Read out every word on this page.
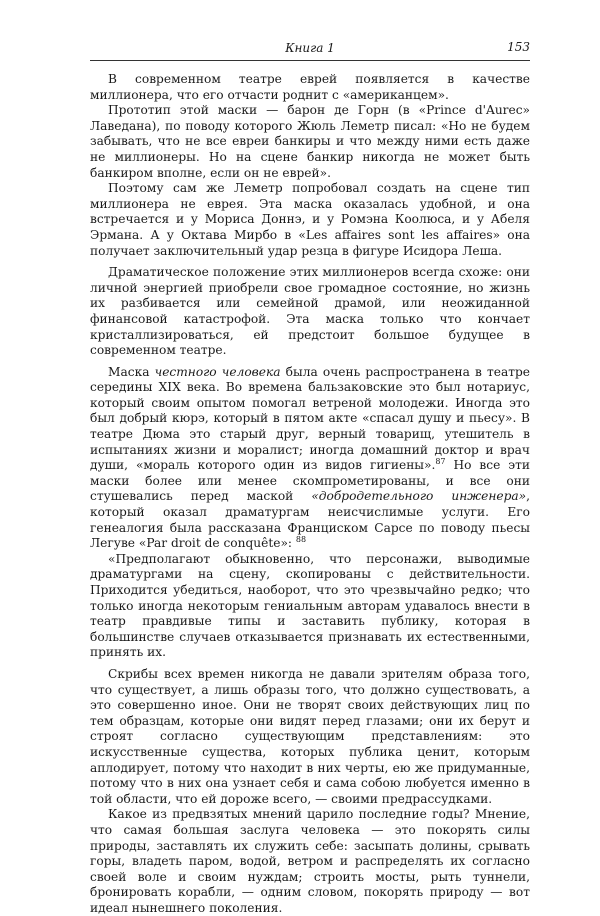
Книга 1	153

В современном театре еврей появляется в качестве миллионера, что его отчасти роднит с «американцем».

Прототип этой маски — барон де Горн (в «Prince d'Aurec» Лаведана), по поводу которого Жюль Леметр писал: «Но не будем забывать, что не все евреи банкиры и что между ними есть даже не миллионеры. Но на сцене банкир никогда не может быть банкиром вполне, если он не еврей».

Поэтому сам же Леметр попробовал создать на сцене тип миллионера не еврея. Эта маска оказалась удобной, и она встречается и у Мориса Доннэ, и у Ромэна Коолюса, и у Абеля Эрмана. А у Октава Мирбо в «Les affaires sont les affaires» она получает заключительный удар резца в фигуре Исидора Леша.

Драматическое положение этих миллионеров всегда схоже: они личной энергией приобрели свое громадное состояние, но жизнь их разбивается или семейной драмой, или неожиданной финансовой катастрофой. Эта маска только что кончает кристаллизироваться, ей предстоит большое будущее в современном театре.

Маска честного человека была очень распространена в театре середины XIX века. Во времена бальзаковские это был нотариус, который своим опытом помогал ветреной молодежи. Иногда это был добрый кюрэ, который в пятом акте «спасал душу и пьесу». В театре Дюма это старый друг, верный товарищ, утешитель в испытаниях жизни и моралист; иногда домашний доктор и врач души, «мораль которого один из видов гигиены».$^{87}$ Но все эти маски более или менее скомпрометированы, и все они стушевались перед маской «добродетельного инженера», который оказал драматургам неисчислимые услуги. Его генеалогия была рассказана Франциском Сарсе по поводу пьесы Легуве «Par droit de conquête»: $^{88}$

«Предполагают обыкновенно, что персонажи, выводимые драматургами на сцену, скопированы с действительности. Приходится убедиться, наоборот, что это чрезвычайно редко; что только иногда некоторым гениальным авторам удавалось внести в театр правдивые типы и заставить публику, которая в большинстве случаев отказывается признавать их естественными, принять их.

Скрибы всех времен никогда не давали зрителям образа того, что существует, а лишь образы того, что должно существовать, а это совершенно иное. Они не творят своих действующих лиц по тем образцам, которые они видят перед глазами; они их берут и строят согласно существующим представлениям: это искусственные существа, которых публика ценит, которым аплодирует, потому что находит в них черты, ею же придуманные, потому что в них она узнает себя и сама собою любуется именно в той области, что ей дороже всего, — своими предрассудками.

Какое из предвзятых мнений царило последние годы? Мнение, что самая большая заслуга человека — это покорять силы природы, заставлять их служить себе: засыпать долины, срывать горы, владеть паром, водой, ветром и распределять их согласно своей воле и своим нуждам; строить мосты, рыть туннели, бронировать корабли, — одним словом, покорять природу — вот идеал нынешнего поколения.
